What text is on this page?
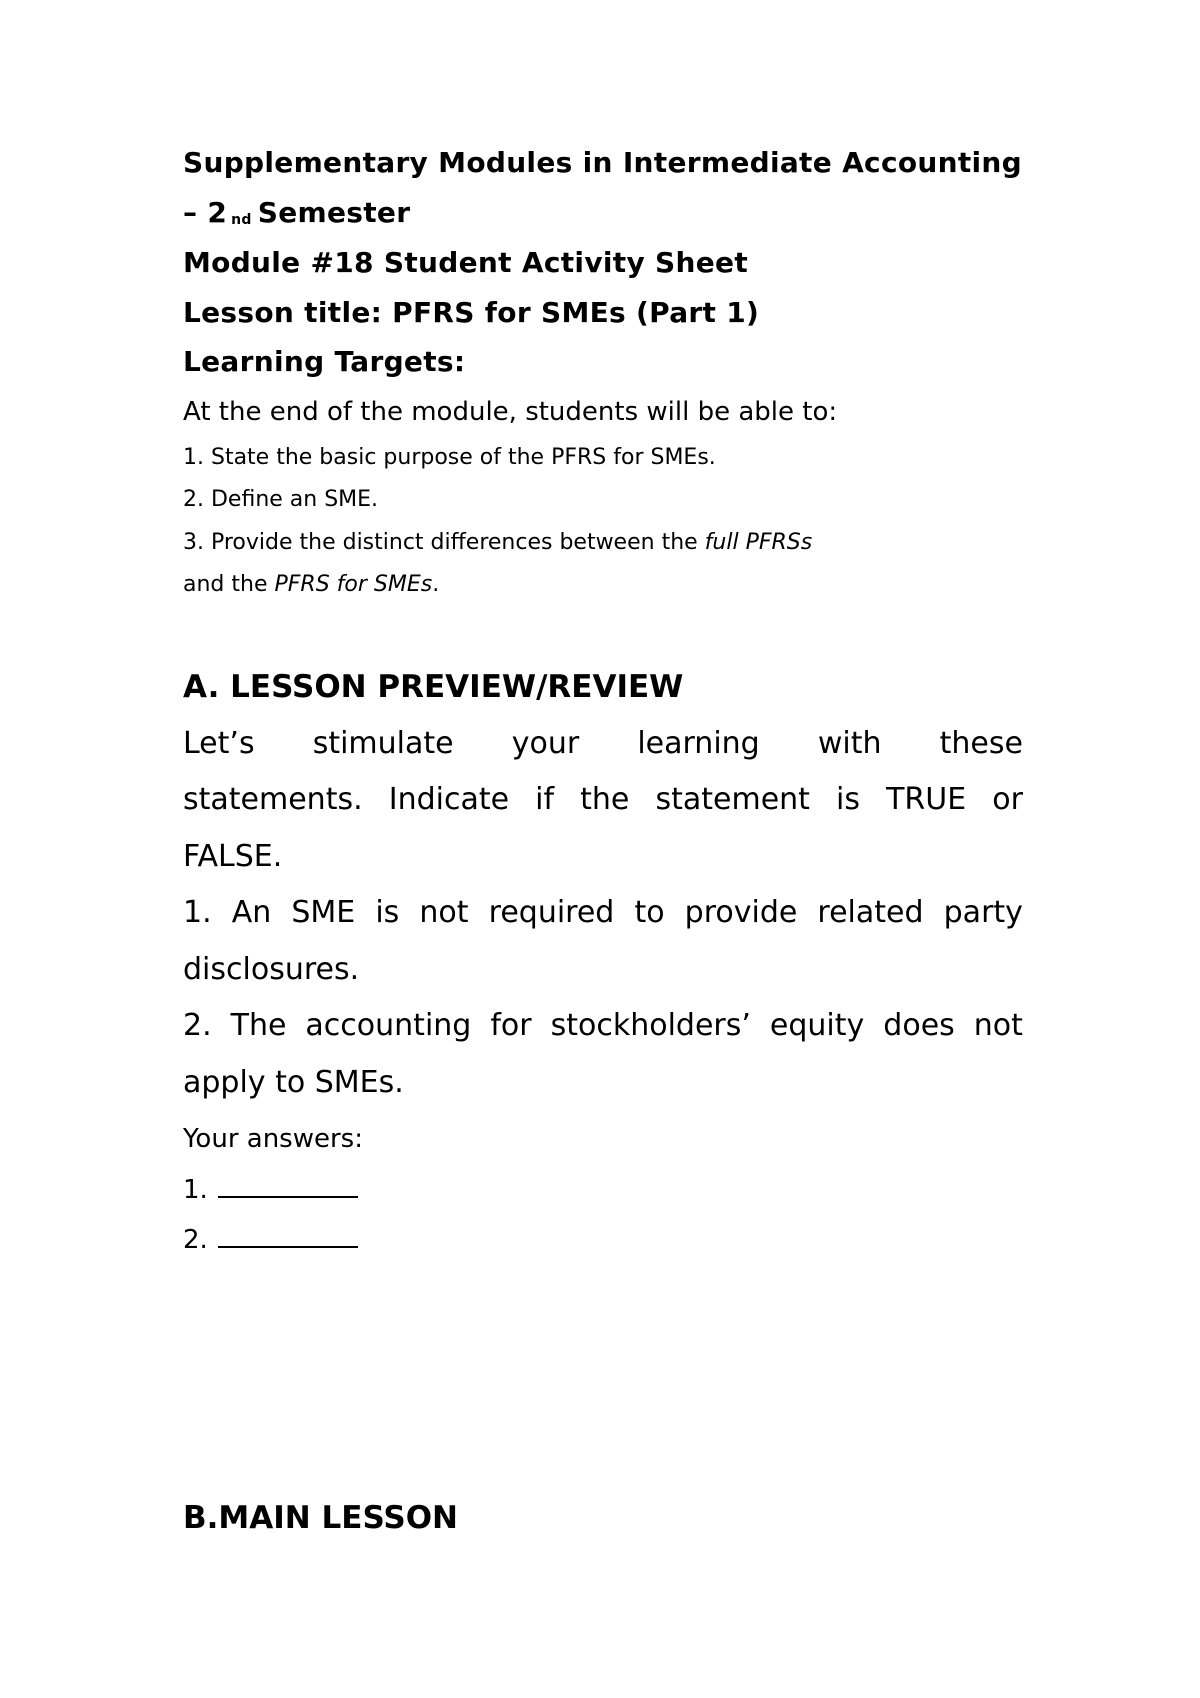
Supplementary Modules in Intermediate Accounting
– 2 $^{nd}$ Semester
Module #18 Student Activity Sheet
Lesson title: PFRS for SMEs (Part 1)
Learning Targets:
At the end of the module, students will be able to:
1. State the basic purpose of the PFRS for SMEs.
2. Define an SME.
3. Provide the distinct differences between the full PFRSs
and the PFRS for SMEs.
A. LESSON PREVIEW/REVIEW
Let’s stimulate your learning with these
statements. Indicate if the statement is TRUE or
FALSE.
1. An SME is not required to provide related party
disclosures.
2. The accounting for stockholders’ equity does not
apply to SMEs.
Your answers:
1.
2.
B.MAIN LESSON
